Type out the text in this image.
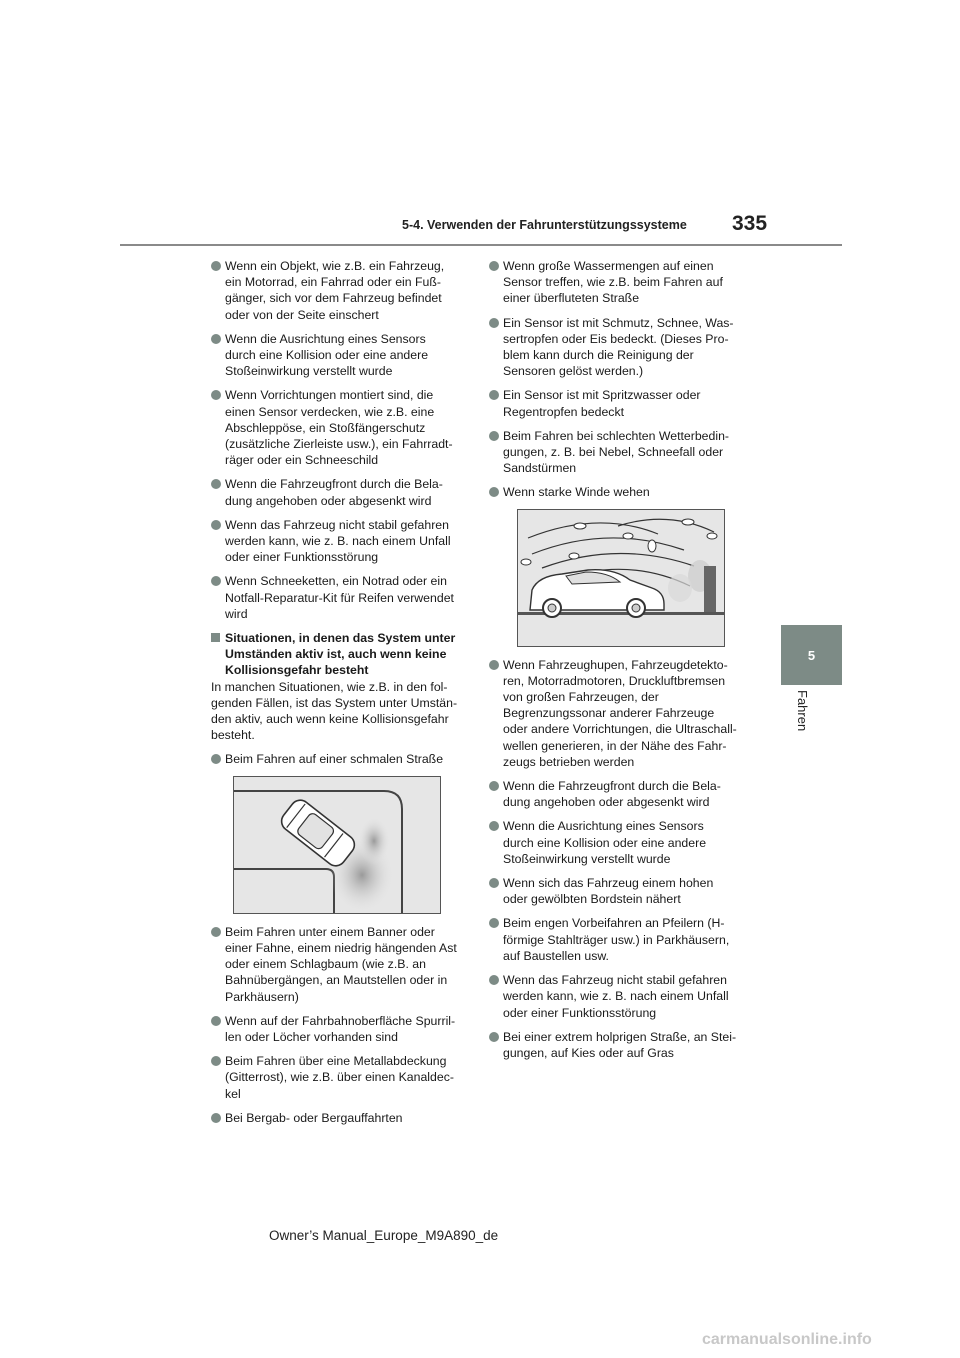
5-4. Verwenden der Fahrunterstützungssysteme	335
5
Fahren
Wenn ein Objekt, wie z.B. ein Fahrzeug,
ein Motorrad, ein Fahrrad oder ein Fuß-
gänger, sich vor dem Fahrzeug befindet
oder von der Seite einschert
Wenn die Ausrichtung eines Sensors
durch eine Kollision oder eine andere
Stoßeinwirkung verstellt wurde
Wenn Vorrichtungen montiert sind, die
einen Sensor verdecken, wie z.B. eine
Abschleppöse, ein Stoßfängerschutz
(zusätzliche Zierleiste usw.), ein Fahrradt-
räger oder ein Schneeschild
Wenn die Fahrzeugfront durch die Bela-
dung angehoben oder abgesenkt wird
Wenn das Fahrzeug nicht stabil gefahren
werden kann, wie z. B. nach einem Unfall
oder einer Funktionsstörung
Wenn Schneeketten, ein Notrad oder ein
Notfall-Reparatur-Kit für Reifen verwendet
wird
Situationen, in denen das System unter
Umständen aktiv ist, auch wenn keine
Kollisionsgefahr besteht
In manchen Situationen, wie z.B. in den fol-
genden Fällen, ist das System unter Umstän-
den aktiv, auch wenn keine Kollisionsgefahr
besteht.
Beim Fahren auf einer schmalen Straße
Beim Fahren unter einem Banner oder
einer Fahne, einem niedrig hängenden Ast
oder einem Schlagbaum (wie z.B. an
Bahnübergängen, an Mautstellen oder in
Parkhäusern)
Wenn auf der Fahrbahnoberfläche Spurril-
len oder Löcher vorhanden sind
Beim Fahren über eine Metallabdeckung
(Gitterrost), wie z.B. über einen Kanaldec-
kel
Bei Bergab- oder Bergauffahrten
Wenn große Wassermengen auf einen
Sensor treffen, wie z.B. beim Fahren auf
einer überfluteten Straße
Ein Sensor ist mit Schmutz, Schnee, Was-
sertropfen oder Eis bedeckt. (Dieses Pro-
blem kann durch die Reinigung der
Sensoren gelöst werden.)
Ein Sensor ist mit Spritzwasser oder
Regentropfen bedeckt
Beim Fahren bei schlechten Wetterbedin-
gungen, z. B. bei Nebel, Schneefall oder
Sandstürmen
Wenn starke Winde wehen
Wenn Fahrzeughupen, Fahrzeugdetekto-
ren, Motorradmotoren, Druckluftbremsen
von großen Fahrzeugen, der
Begrenzungssonar anderer Fahrzeuge
oder andere Vorrichtungen, die Ultraschall-
wellen generieren, in der Nähe des Fahr-
zeugs betrieben werden
Wenn die Fahrzeugfront durch die Bela-
dung angehoben oder abgesenkt wird
Wenn die Ausrichtung eines Sensors
durch eine Kollision oder eine andere
Stoßeinwirkung verstellt wurde
Wenn sich das Fahrzeug einem hohen
oder gewölbten Bordstein nähert
Beim engen Vorbeifahren an Pfeilern (H-
förmige Stahlträger usw.) in Parkhäusern,
auf Baustellen usw.
Wenn das Fahrzeug nicht stabil gefahren
werden kann, wie z. B. nach einem Unfall
oder einer Funktionsstörung
Bei einer extrem holprigen Straße, an Stei-
gungen, auf Kies oder auf Gras
Owner’s Manual_Europe_M9A890_de
carmanualsonline.info
